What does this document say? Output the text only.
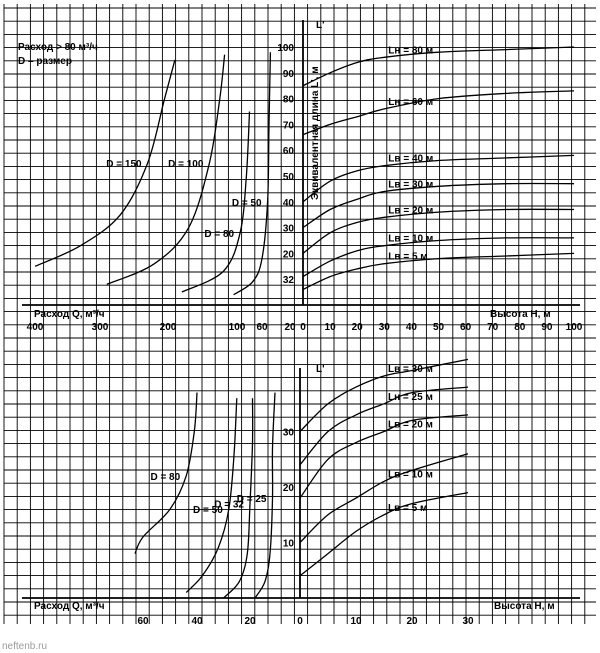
400	300	200	100 60 20 0 10 20 30 40 50 60 70 80 90 100
32
20
30
40
50
60
70
80
90
100
D = 150	D = 100
D = 80
D = 50
Lн = 80 м
Lн = 60 м
Lв = 40 м
Lв = 30 м
Lв = 20 м
Lв = 10 м
Lв = 5 м
60	40	20	0	10	20	30
10
20
30
D = 80
D = 50
D = 32
D = 25
Lв = 30 м
Lн = 25 м
Lв = 20 м
Lв = 10 м
Lв = 5 м
Расход > 80 м³/ч
D – размер
Расход Q, м³/ч	Высота H, м
Эквивалентная длина L', м
L'
L'
Расход Q, м³/ч	Высота H, м
neftenb.ru
